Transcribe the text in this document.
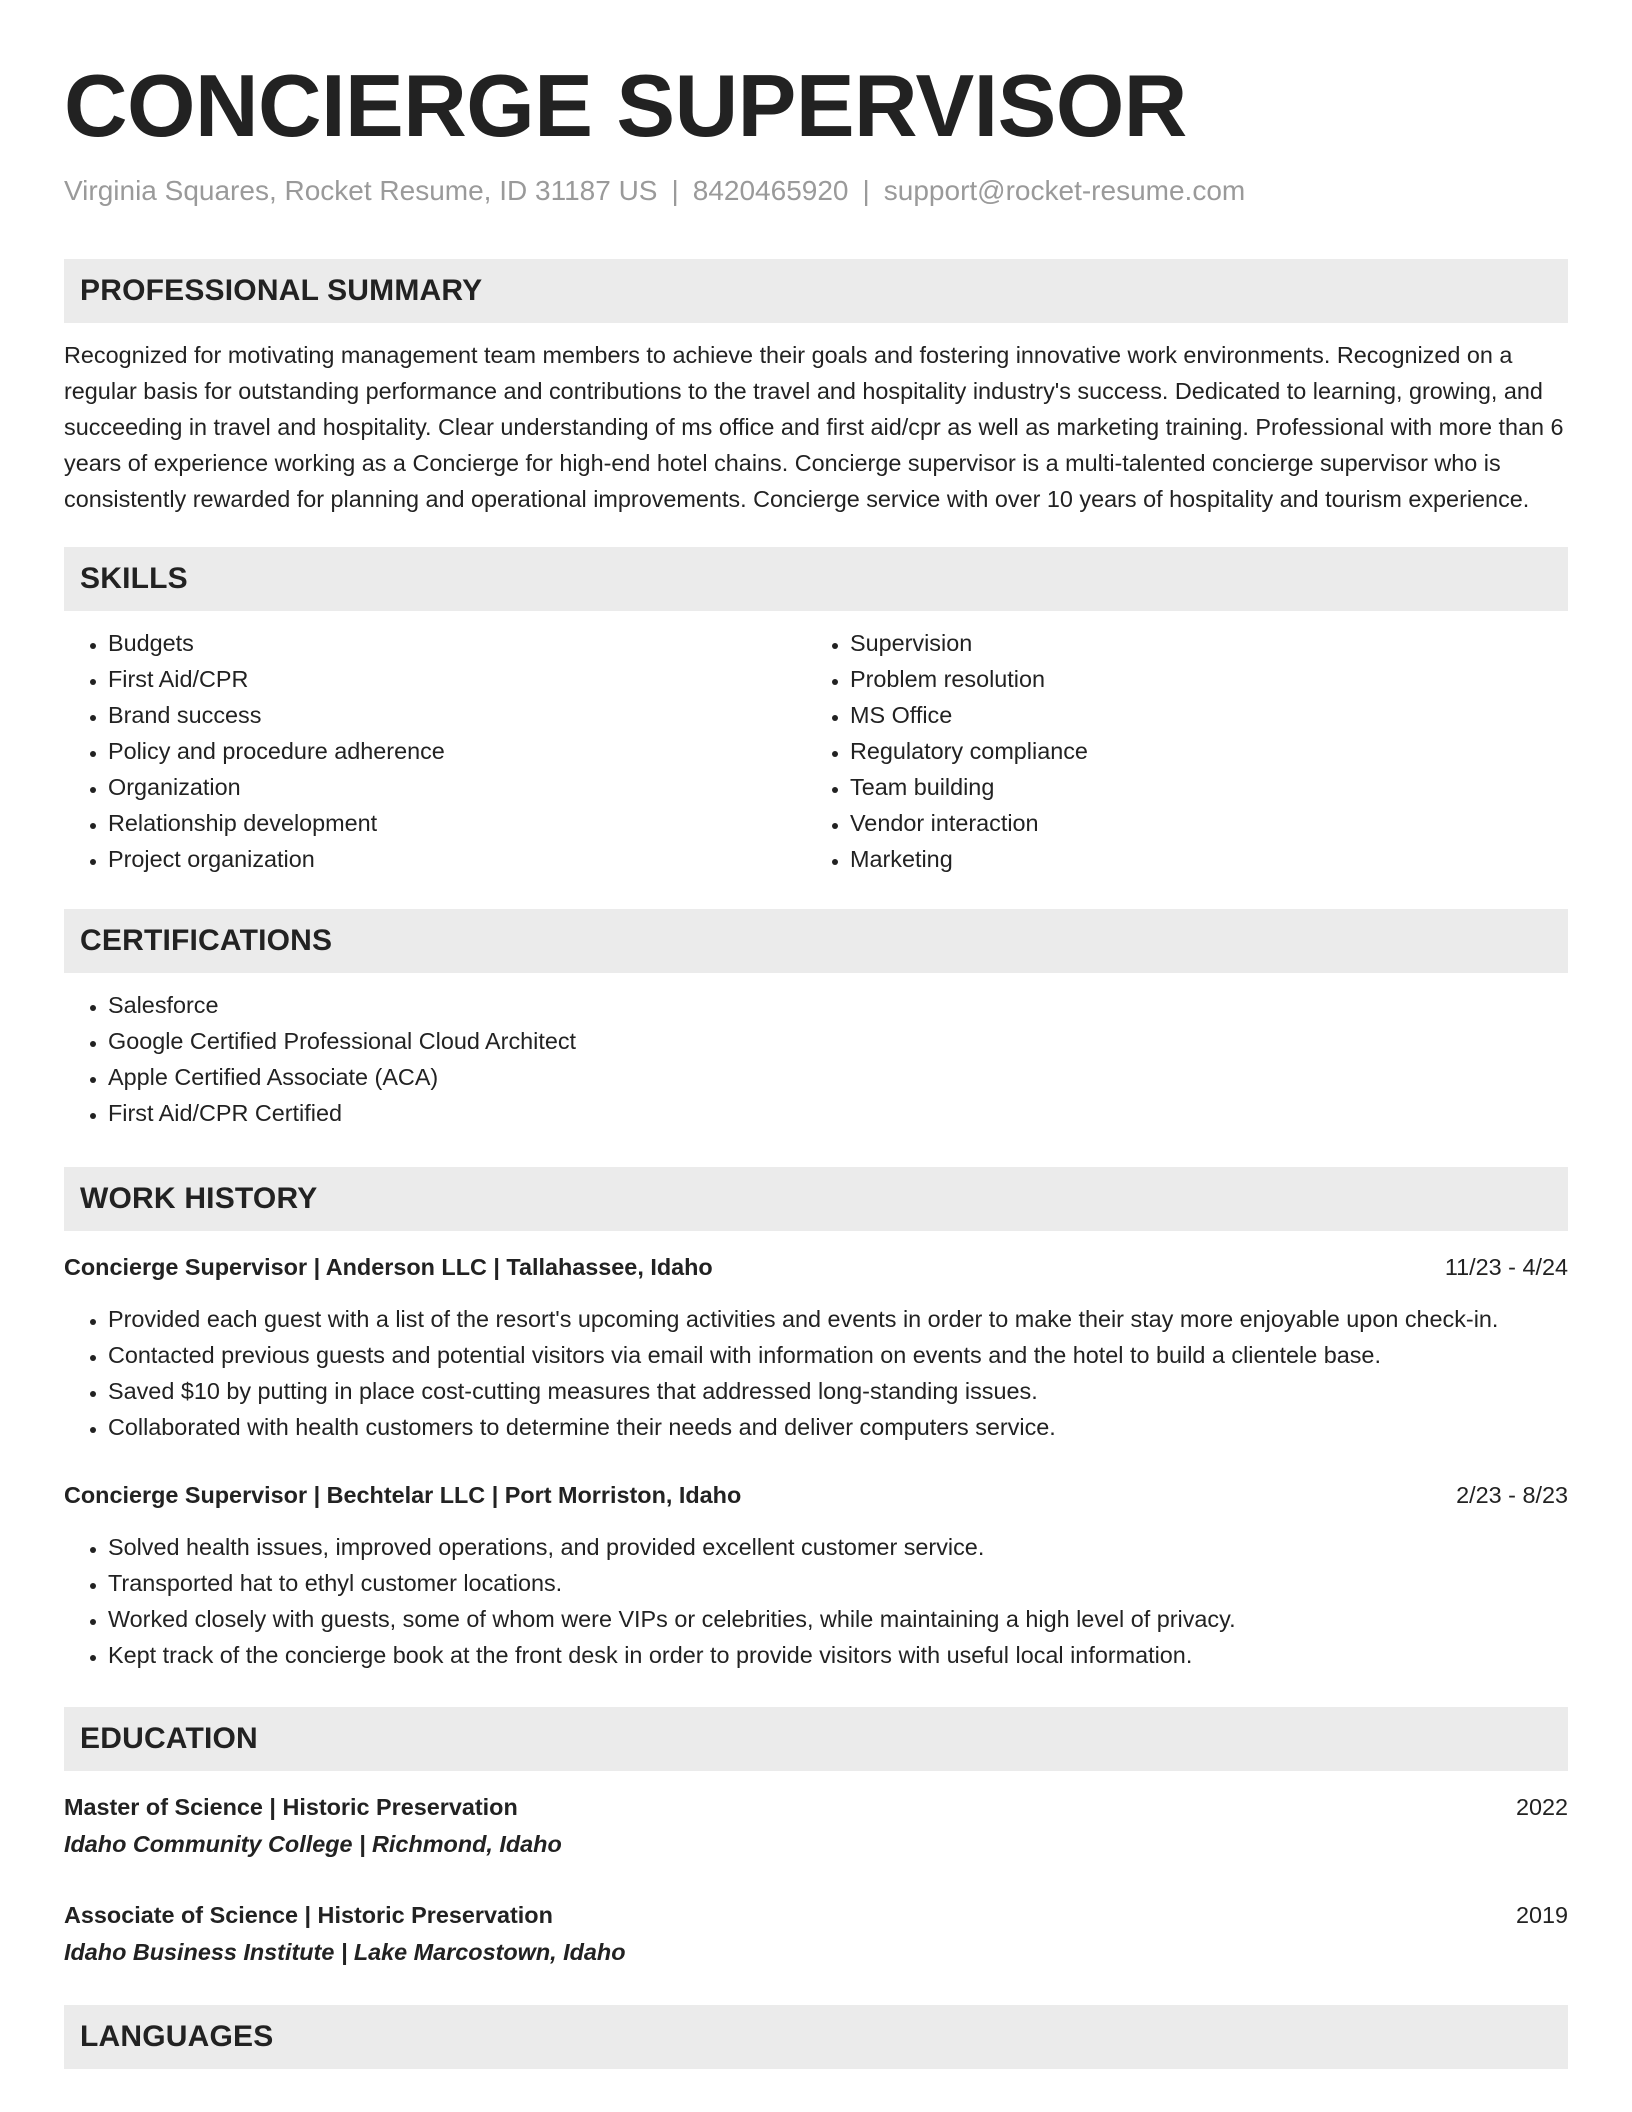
CONCIERGE SUPERVISOR
Virginia Squares, Rocket Resume, ID 31187 US | 8420465920 | support@rocket-resume.com
PROFESSIONAL SUMMARY
Recognized for motivating management team members to achieve their goals and fostering innovative work environments. Recognized on a regular basis for outstanding performance and contributions to the travel and hospitality industry's success. Dedicated to learning, growing, and succeeding in travel and hospitality. Clear understanding of ms office and first aid/cpr as well as marketing training. Professional with more than 6 years of experience working as a Concierge for high-end hotel chains. Concierge supervisor is a multi-talented concierge supervisor who is consistently rewarded for planning and operational improvements. Concierge service with over 10 years of hospitality and tourism experience.
SKILLS
• Budgets
• First Aid/CPR
• Brand success
• Policy and procedure adherence
• Organization
• Relationship development
• Project organization
• Supervision
• Problem resolution
• MS Office
• Regulatory compliance
• Team building
• Vendor interaction
• Marketing
CERTIFICATIONS
• Salesforce
• Google Certified Professional Cloud Architect
• Apple Certified Associate (ACA)
• First Aid/CPR Certified
WORK HISTORY
Concierge Supervisor | Anderson LLC | Tallahassee, Idaho	11/23 - 4/24
• Provided each guest with a list of the resort's upcoming activities and events in order to make their stay more enjoyable upon check-in.
• Contacted previous guests and potential visitors via email with information on events and the hotel to build a clientele base.
• Saved $10 by putting in place cost-cutting measures that addressed long-standing issues.
• Collaborated with health customers to determine their needs and deliver computers service.
Concierge Supervisor | Bechtelar LLC | Port Morriston, Idaho	2/23 - 8/23
• Solved health issues, improved operations, and provided excellent customer service.
• Transported hat to ethyl customer locations.
• Worked closely with guests, some of whom were VIPs or celebrities, while maintaining a high level of privacy.
• Kept track of the concierge book at the front desk in order to provide visitors with useful local information.
EDUCATION
Master of Science | Historic Preservation	2022
Idaho Community College | Richmond, Idaho
Associate of Science | Historic Preservation	2019
Idaho Business Institute | Lake Marcostown, Idaho
LANGUAGES
